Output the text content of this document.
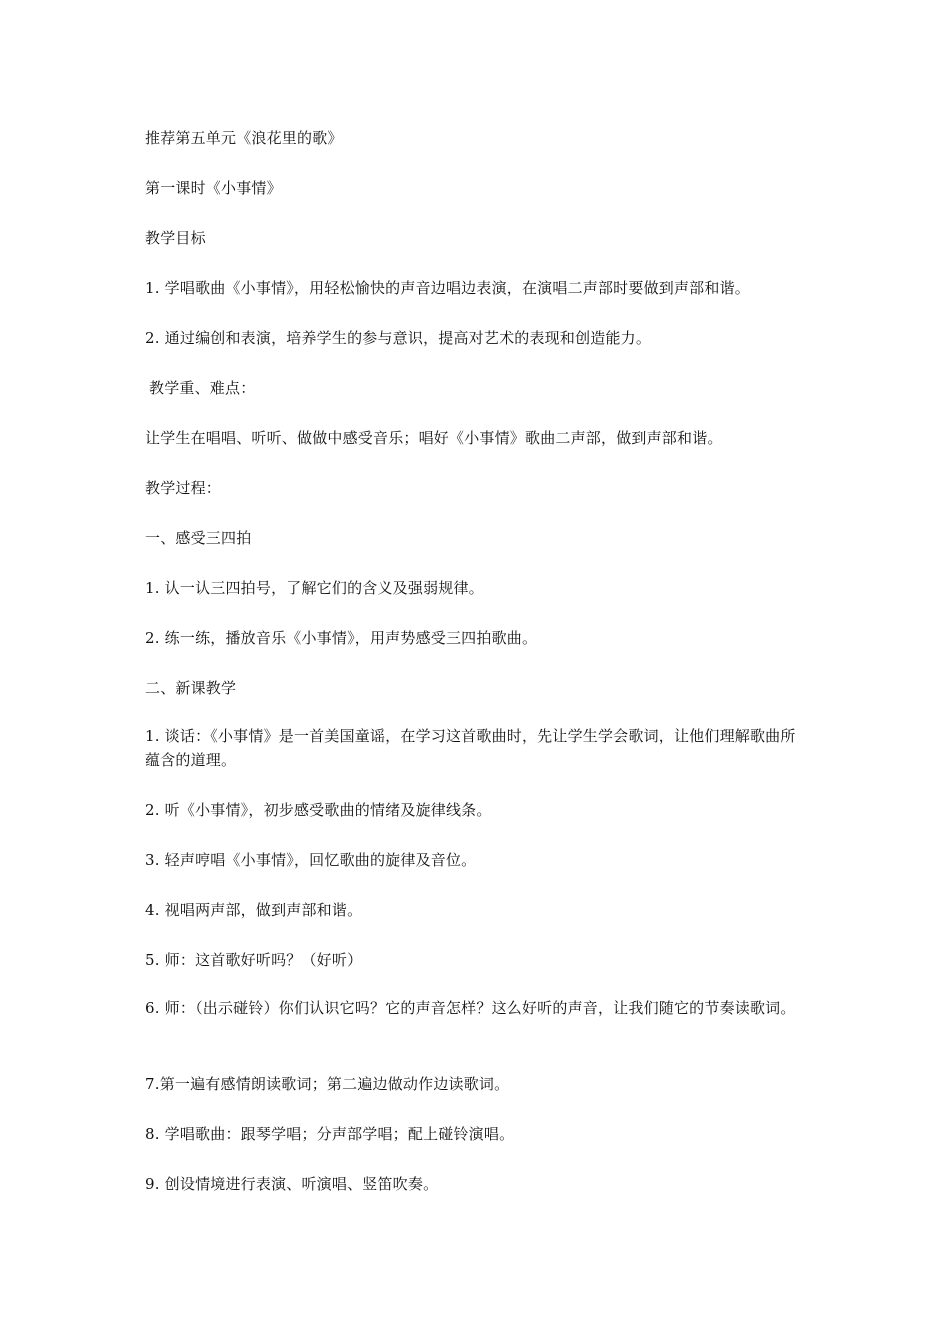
推荐第五单元《浪花里的歌》
第一课时《小事情》
教学目标
1. 学唱歌曲《小事情》，用轻松愉快的声音边唱边表演，在演唱二声部时要做到声部和谐。
2. 通过编创和表演，培养学生的参与意识，提高对艺术的表现和创造能力。
教学重、难点：
让学生在唱唱、听听、做做中感受音乐；唱好《小事情》歌曲二声部，做到声部和谐。
教学过程：
一、感受三四拍
1. 认一认三四拍号，了解它们的含义及强弱规律。
2. 练一练，播放音乐《小事情》，用声势感受三四拍歌曲。
二、新课教学
1. 谈话：《小事情》是一首美国童谣，在学习这首歌曲时，先让学生学会歌词，让他们理解歌曲所蕴含的道理。
2. 听《小事情》，初步感受歌曲的情绪及旋律线条。
3. 轻声哼唱《小事情》，回忆歌曲的旋律及音位。
4. 视唱两声部，做到声部和谐。
5. 师：这首歌好听吗？（好听）
6. 师：（出示碰铃）你们认识它吗？它的声音怎样？这么好听的声音，让我们随它的节奏读歌词。
7.第一遍有感情朗读歌词；第二遍边做动作边读歌词。
8. 学唱歌曲：跟琴学唱；分声部学唱；配上碰铃演唱。
9. 创设情境进行表演、听演唱、竖笛吹奏。
